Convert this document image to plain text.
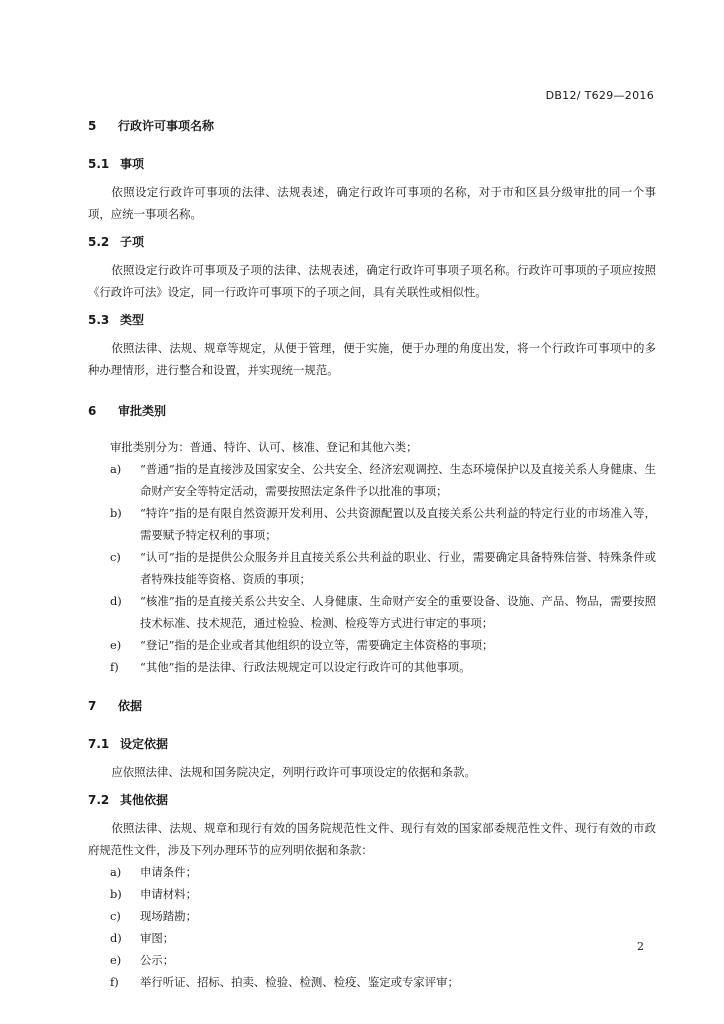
DB12/ T629—2016
5	行政许可事项名称
5.1 事项

依照设定行政许可事项的法律、法规表述，确定行政许可事项的名称，对于市和区县分级审批的同一个事项，应统一事项名称。

5.2 子项

依照设定行政许可事项及子项的法律、法规表述，确定行政许可事项子项名称。行政许可事项的子项应按照《行政许可法》设定，同一行政许可事项下的子项之间，具有关联性或相似性。

5.3 类型

依照法律、法规、规章等规定，从便于管理，便于实施，便于办理的角度出发，将一个行政许可事项中的多种办理情形，进行整合和设置，并实现统一规范。

6	审批类别

审批类别分为：普通、特许、认可、核准、登记和其他六类；

a)	“普通”指的是直接涉及国家安全、公共安全、经济宏观调控、生态环境保护以及直接关系人身健康、生命财产安全等特定活动，需要按照法定条件予以批准的事项；
b)	“特许”指的是有限自然资源开发利用、公共资源配置以及直接关系公共利益的特定行业的市场准入等，需要赋予特定权利的事项；
c)	“认可”指的是提供公众服务并且直接关系公共利益的职业、行业，需要确定具备特殊信誉、特殊条件或者特殊技能等资格、资质的事项；
d)	“核准”指的是直接关系公共安全、人身健康、生命财产安全的重要设备、设施、产品、物品，需要按照技术标准、技术规范，通过检验、检测、检疫等方式进行审定的事项；
e)	“登记”指的是企业或者其他组织的设立等，需要确定主体资格的事项；
f)	“其他”指的是法律、行政法规规定可以设定行政许可的其他事项。
7	依据
7.1 设定依据

应依照法律、法规和国务院决定，列明行政许可事项设定的依据和条款。

7.2 其他依据

依照法律、法规、规章和现行有效的国务院规范性文件、现行有效的国家部委规范性文件、现行有效的市政府规范性文件，涉及下列办理环节的应列明依据和条款：

a)	申请条件；
b)	申请材料；
c)	现场踏勘；
d)	审图；
e)	公示；
f)	举行听证、招标、拍卖、检验、检测、检疫、鉴定或专家评审；
2
